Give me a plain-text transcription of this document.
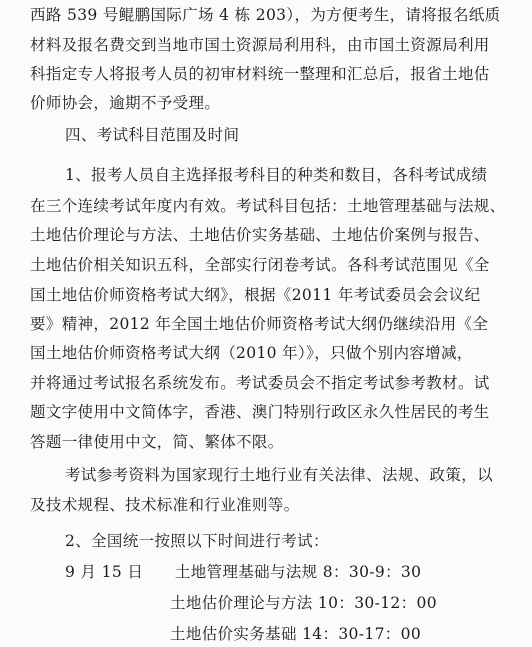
西路 539 号鲲鹏国际广场 4 栋 203），为方便考生，请将报名纸质
材料及报名费交到当地市国土资源局利用科，由市国土资源局利用
科指定专人将报考人员的初审材料统一整理和汇总后，报省土地估
价师协会，逾期不予受理。
四、考试科目范围及时间
1、报考人员自主选择报考科目的种类和数目，各科考试成绩
在三个连续考试年度内有效。考试科目包括：土地管理基础与法规、
土地估价理论与方法、土地估价实务基础、土地估价案例与报告、
土地估价相关知识五科，全部实行闭卷考试。各科考试范围见《全
国土地估价师资格考试大纲》，根据《2011 年考试委员会会议纪
要》精神，2012 年全国土地估价师资格考试大纲仍继续沿用《全
国土地估价师资格考试大纲（2010 年）》，只做个别内容增减，
并将通过考试报名系统发布。考试委员会不指定考试参考教材。试
题文字使用中文简体字，香港、澳门特别行政区永久性居民的考生
答题一律使用中文，简、繁体不限。
考试参考资料为国家现行土地行业有关法律、法规、政策，以
及技术规程、技术标准和行业准则等。
2、全国统一按照以下时间进行考试：
9 月 15 日　　土地管理基础与法规 8：30-9：30
土地估价理论与方法 10：30-12：00
土地估价实务基础 14：30-17：00
